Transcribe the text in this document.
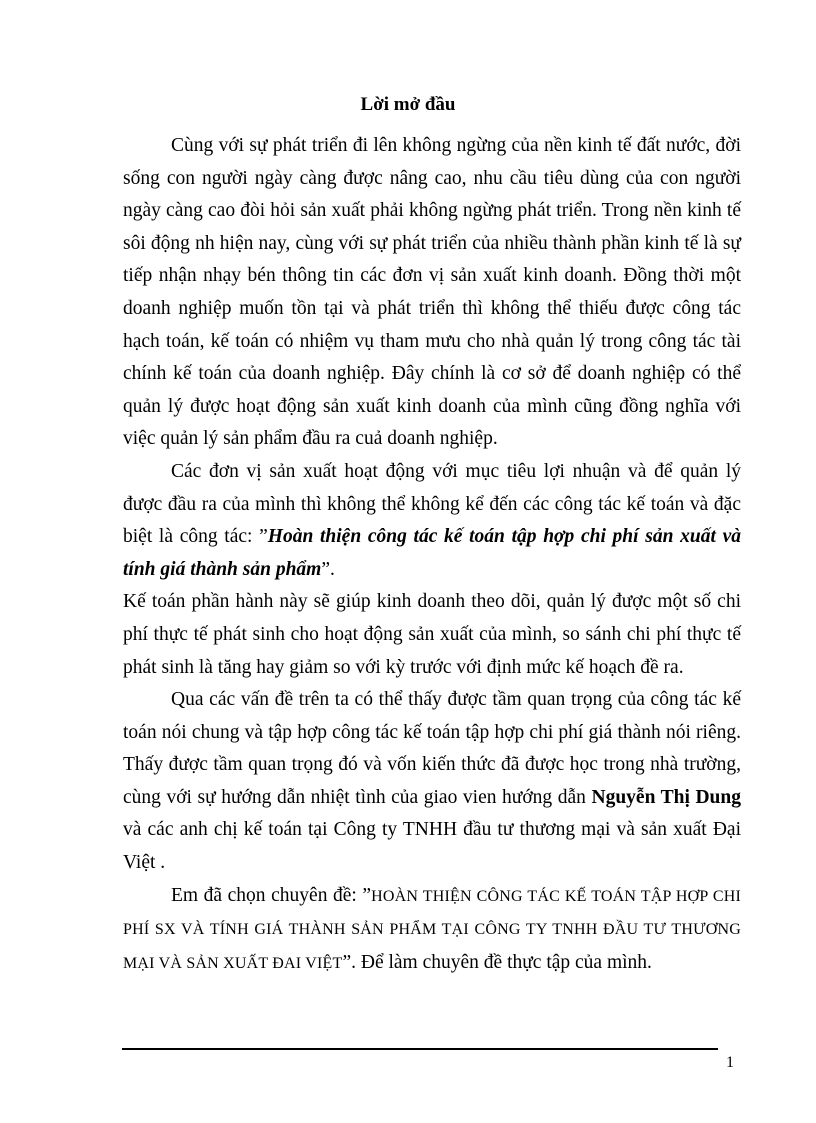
Lời mở đầu

Cùng với sự phát triển đi lên không ngừng của nền kinh tế đất nước, đời sống con người ngày càng được nâng cao, nhu cầu tiêu dùng của con người ngày càng cao đòi hỏi sản xuất phải không ngừng phát triển. Trong nền kinh tế sôi động nh hiện nay, cùng với sự phát triển của nhiều thành phần kinh tế là sự tiếp nhận nhạy bén thông tin các đơn vị sản xuất kinh doanh. Đồng thời một doanh nghiệp muốn tồn tại và phát triển thì không thể thiếu được công tác hạch toán, kế toán có nhiệm vụ tham mưu cho nhà quản lý trong công tác tài chính kế toán của doanh nghiệp. Đây chính là cơ sở để doanh nghiệp có thể quản lý được hoạt động sản xuất kinh doanh của mình cũng đồng nghĩa với việc quản lý sản phẩm đầu ra cuả doanh nghiệp.

Các đơn vị sản xuất hoạt động với mục tiêu lợi nhuận và để quản lý được đầu ra của mình thì không thể không kể đến các công tác kế toán và đặc biệt là công tác: ”Hoàn thiện công tác kế toán tập hợp chi phí sản xuất và tính giá thành sản phẩm”.

Kế toán phần hành này sẽ giúp kinh doanh theo dõi, quản lý được một số chi phí thực tế phát sinh cho hoạt động sản xuất của mình, so sánh chi phí thực tế phát sinh là tăng hay giảm so với kỳ trước với định mức kế hoạch đề ra.

Qua các vấn đề trên ta có thể thấy được tầm quan trọng của công tác kế toán nói chung và tập hợp công tác kế toán tập hợp chi phí giá thành nói riêng. Thấy được tầm quan trọng đó và vốn kiến thức đã được học trong nhà trường, cùng với sự hướng dẫn nhiệt tình của giao vien hướng dẫn Nguyễn Thị Dung và các anh chị kế toán tại Công ty TNHH đầu tư thương mại và sản xuất Đại Việt .

Em đã chọn chuyên đề: ”HOÀN THIỆN CÔNG TÁC KẾ TOÁN TẬP HỢP CHI PHÍ SX VÀ TÍNH GIÁ THÀNH SẢN PHẨM TẠI CÔNG TY TNHH ĐẦU TƯ THƯƠNG MẠI VÀ SẢN XUẤT ĐAI VIỆT”. Để làm chuyên đề thực tập của mình.

1
